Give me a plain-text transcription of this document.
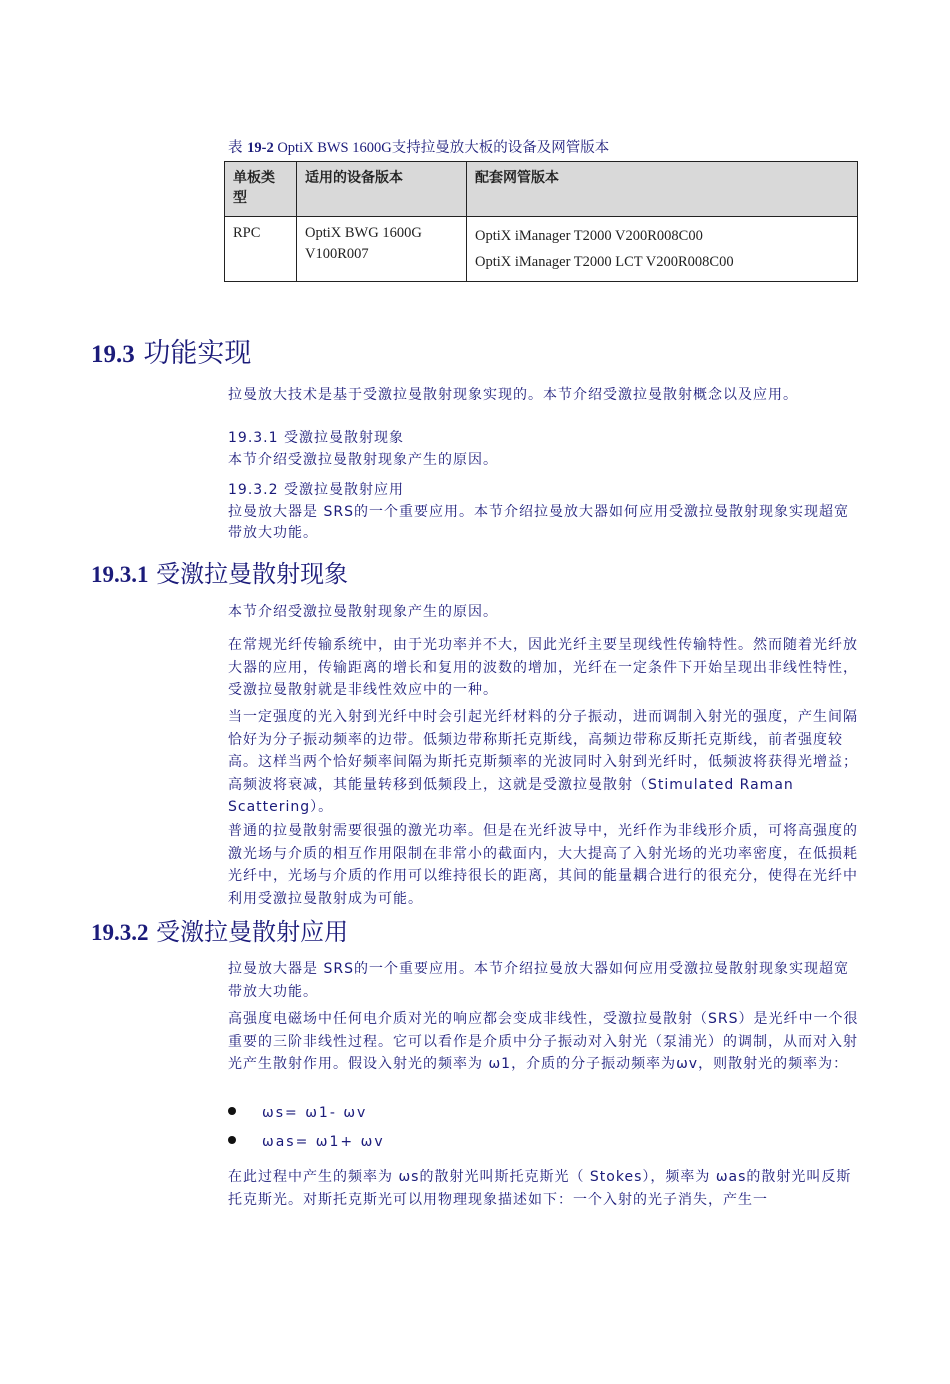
表 19-2 OptiX BWS 1600G支持拉曼放大板的设备及网管版本
单板类型	适用的设备版本	配套网管版本
RPC	OptiX BWG 1600G V100R007	OptiX iManager T2000 V200R008C00
OptiX iManager T2000 LCT V200R008C00
19.3 功能实现
拉曼放大技术是基于受激拉曼散射现象实现的。本节介绍受激拉曼散射概念以及应用。
19.3.1 受激拉曼散射现象
本节介绍受激拉曼散射现象产生的原因。
19.3.2 受激拉曼散射应用
拉曼放大器是 SRS的一个重要应用。本节介绍拉曼放大器如何应用受激拉曼散射现象实现超宽带放大功能。
19.3.1 受激拉曼散射现象
本节介绍受激拉曼散射现象产生的原因。
在常规光纤传输系统中，由于光功率并不大，因此光纤主要呈现线性传输特性。然而随着光纤放大器的应用，传输距离的增长和复用的波数的增加，光纤在一定条件下开始呈现出非线性特性，受激拉曼散射就是非线性效应中的一种。
当一定强度的光入射到光纤中时会引起光纤材料的分子振动，进而调制入射光的强度，产生间隔恰好为分子振动频率的边带。低频边带称斯托克斯线，高频边带称反斯托克斯线，前者强度较高。这样当两个恰好频率间隔为斯托克斯频率的光波同时入射到光纤时，低频波将获得光增益；高频波将衰减，其能量转移到低频段上，这就是受激拉曼散射（Stimulated Raman Scattering）。
普通的拉曼散射需要很强的激光功率。但是在光纤波导中，光纤作为非线形介质，可将高强度的激光场与介质的相互作用限制在非常小的截面内，大大提高了入射光场的光功率密度，在低损耗光纤中，光场与介质的作用可以维持很长的距离，其间的能量耦合进行的很充分，使得在光纤中利用受激拉曼散射成为可能。
19.3.2 受激拉曼散射应用
拉曼放大器是 SRS的一个重要应用。本节介绍拉曼放大器如何应用受激拉曼散射现象实现超宽带放大功能。
高强度电磁场中任何电介质对光的响应都会变成非线性，受激拉曼散射（SRS）是光纤中一个很重要的三阶非线性过程。它可以看作是介质中分子振动对入射光（泵浦光）的调制，从而对入射光产生散射作用。假设入射光的频率为 ω1，介质的分子振动频率为ωv，则散射光的频率为：
ωs= ω1- ωv
ωas= ω1+ ωv
在此过程中产生的频率为 ωs的散射光叫斯托克斯光（ Stokes），频率为 ωas的散射光叫反斯托克斯光。对斯托克斯光可以用物理现象描述如下：一个入射的光子消失，产生一
